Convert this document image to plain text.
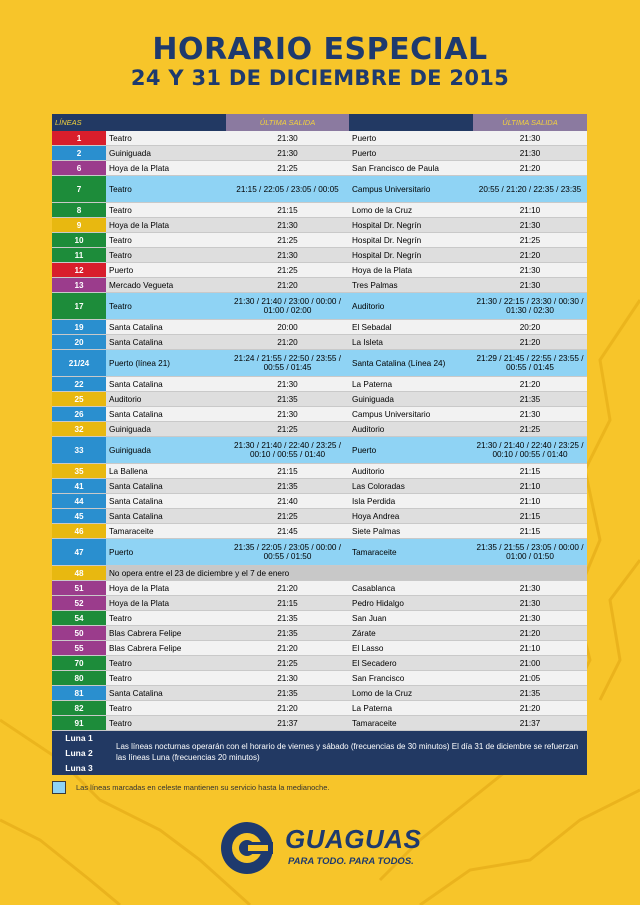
HORARIO ESPECIAL
24 Y 31 DE DICIEMBRE DE 2015
LÍNEAS		ÚLTIMA SALIDA		ÚLTIMA SALIDA
1	Teatro	21:30	Puerto	21:30
2	Guiniguada	21:30	Puerto	21:30
6	Hoya de la Plata	21:25	San Francisco de Paula	21:20
7	Teatro	21:15 / 22:05 / 23:05 / 00:05	Campus Universitario	20:55 / 21:20 / 22:35 / 23:35
8	Teatro	21:15	Lomo de la Cruz	21:10
9	Hoya de la Plata	21:30	Hospital Dr. Negrín	21:30
10	Teatro	21:25	Hospital Dr. Negrín	21:25
11	Teatro	21:30	Hospital Dr. Negrín	21:20
12	Puerto	21:25	Hoya de la Plata	21:30
13	Mercado Vegueta	21:20	Tres Palmas	21:30
17	Teatro	21:30 / 21:40 / 23:00 / 00:00 / 01:00 / 02:00	Auditorio	21:30 / 22:15 / 23:30 / 00:30 / 01:30 / 02:30
19	Santa Catalina	20:00	El Sebadal	20:20
20	Santa Catalina	21:20	La Isleta	21:20
21/24	Puerto (línea 21)	21:24 / 21:55 / 22:50 / 23:55 / 00:55 / 01:45	Santa Catalina (Línea 24)	21:29 / 21:45 / 22:55 / 23:55 / 00:55 / 01:45
22	Santa Catalina	21:30	La Paterna	21:20
25	Auditorio	21:35	Guiniguada	21:35
26	Santa Catalina	21:30	Campus Universitario	21:30
32	Guiniguada	21:25	Auditorio	21:25
33	Guiniguada	21:30 / 21:40 / 22:40 / 23:25 / 00:10 / 00:55 / 01:40	Puerto	21:30 / 21:40 / 22:40 / 23:25 / 00:10 / 00:55 / 01:40
35	La Ballena	21:15	Auditorio	21:15
41	Santa Catalina	21:35	Las Coloradas	21:10
44	Santa Catalina	21:40	Isla Perdida	21:10
45	Santa Catalina	21:25	Hoya Andrea	21:15
46	Tamaraceite	21:45	Siete Palmas	21:15
47	Puerto	21:35 / 22:05 / 23:05 / 00:00 / 00:55 / 01:50	Tamaraceite	21:35 / 21:55 / 23:05 / 00:00 / 01:00 / 01:50
48	No opera entre el 23 de diciembre y el 7 de enero			
51	Hoya de la Plata	21:20	Casablanca	21:30
52	Hoya de la Plata	21:15	Pedro Hidalgo	21:30
54	Teatro	21:35	San Juan	21:30
50	Blas Cabrera Felipe	21:35	Zárate	21:20
55	Blas Cabrera Felipe	21:20	El Lasso	21:10
70	Teatro	21:25	El Secadero	21:00
80	Teatro	21:30	San Francisco	21:05
81	Santa Catalina	21:35	Lomo de la Cruz	21:35
82	Teatro	21:20	La Paterna	21:20
91	Teatro	21:37	Tamaraceite	21:37
Luna 1
Luna 2
Luna 3
Las líneas nocturnas operarán con el horario de viernes y sábado (frecuencias de 30 minutos) El día 31 de diciembre se refuerzan las líneas Luna (frecuencias 20 minutos)
Las líneas marcadas en celeste mantienen su servicio hasta la medianoche.
GUAGUAS
PARA TODO. PARA TODOS.
